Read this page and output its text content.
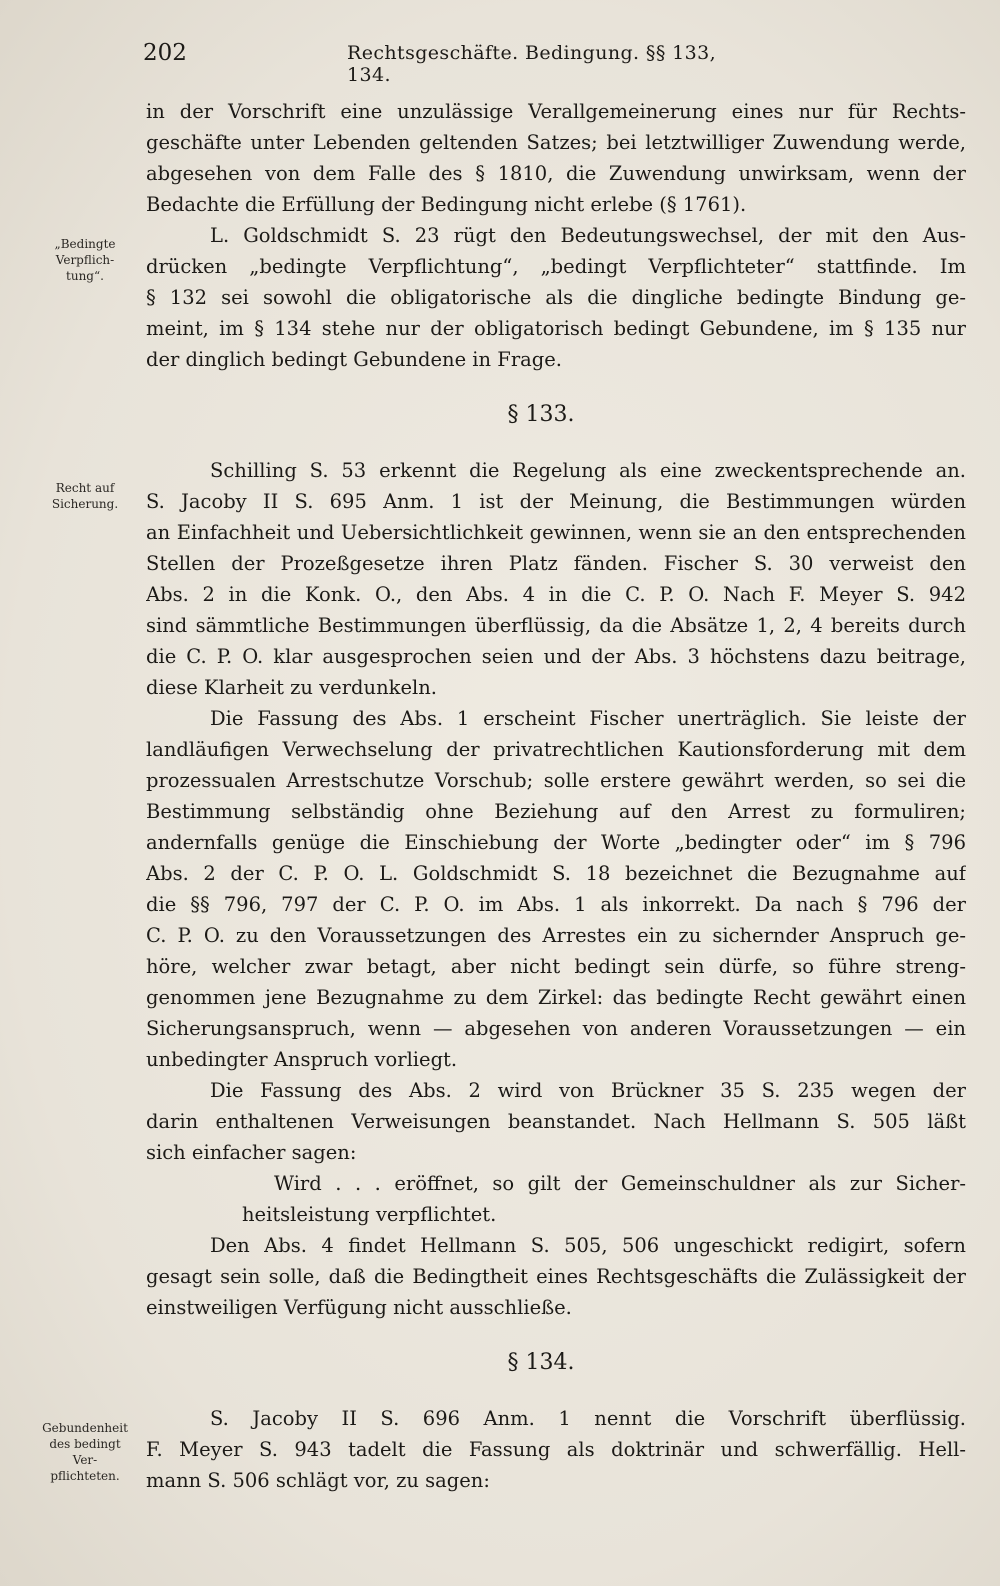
202	Rechtsgeschäfte. Bedingung. §§ 133, 134.
„Bedingte
Verpflich-
tung“.
Recht auf
Sicherung.
Gebundenheit
des bedingt
Ver-
pflichteten.
in der Vorschrift eine unzulässige Verallgemeinerung eines nur für Rechts-
geschäfte unter Lebenden geltenden Satzes; bei letztwilliger Zuwendung werde,
abgesehen von dem Falle des § 1810, die Zuwendung unwirksam, wenn der
Bedachte die Erfüllung der Bedingung nicht erlebe (§ 1761).
L. Goldschmidt S. 23 rügt den Bedeutungswechsel, der mit den Aus-
drücken „bedingte Verpflichtung“, „bedingt Verpflichteter“ stattfinde. Im
§ 132 sei sowohl die obligatorische als die dingliche bedingte Bindung ge-
meint, im § 134 stehe nur der obligatorisch bedingt Gebundene, im § 135 nur
der dinglich bedingt Gebundene in Frage.
§ 133.
Schilling S. 53 erkennt die Regelung als eine zweckentsprechende an.
S. Jacoby II S. 695 Anm. 1 ist der Meinung, die Bestimmungen würden
an Einfachheit und Uebersichtlichkeit gewinnen, wenn sie an den entsprechenden
Stellen der Prozeßgesetze ihren Platz fänden. Fischer S. 30 verweist den
Abs. 2 in die Konk. O., den Abs. 4 in die C. P. O. Nach F. Meyer S. 942
sind sämmtliche Bestimmungen überflüssig, da die Absätze 1, 2, 4 bereits durch
die C. P. O. klar ausgesprochen seien und der Abs. 3 höchstens dazu beitrage,
diese Klarheit zu verdunkeln.
Die Fassung des Abs. 1 erscheint Fischer unerträglich. Sie leiste der
landläufigen Verwechselung der privatrechtlichen Kautionsforderung mit dem
prozessualen Arrestschutze Vorschub; solle erstere gewährt werden, so sei die
Bestimmung selbständig ohne Beziehung auf den Arrest zu formuliren;
andernfalls genüge die Einschiebung der Worte „bedingter oder“ im § 796
Abs. 2 der C. P. O. L. Goldschmidt S. 18 bezeichnet die Bezugnahme auf
die §§ 796, 797 der C. P. O. im Abs. 1 als inkorrekt. Da nach § 796 der
C. P. O. zu den Voraussetzungen des Arrestes ein zu sichernder Anspruch ge-
höre, welcher zwar betagt, aber nicht bedingt sein dürfe, so führe streng-
genommen jene Bezugnahme zu dem Zirkel: das bedingte Recht gewährt einen
Sicherungsanspruch, wenn — abgesehen von anderen Voraussetzungen — ein
unbedingter Anspruch vorliegt.
Die Fassung des Abs. 2 wird von Brückner 35 S. 235 wegen der
darin enthaltenen Verweisungen beanstandet. Nach Hellmann S. 505 läßt
sich einfacher sagen:
Wird . . . eröffnet, so gilt der Gemeinschuldner als zur Sicher-
heitsleistung verpflichtet.
Den Abs. 4 findet Hellmann S. 505, 506 ungeschickt redigirt, sofern
gesagt sein solle, daß die Bedingtheit eines Rechtsgeschäfts die Zulässigkeit der
einstweiligen Verfügung nicht ausschließe.
§ 134.
S. Jacoby II S. 696 Anm. 1 nennt die Vorschrift überflüssig.
F. Meyer S. 943 tadelt die Fassung als doktrinär und schwerfällig. Hell-
mann S. 506 schlägt vor, zu sagen:
